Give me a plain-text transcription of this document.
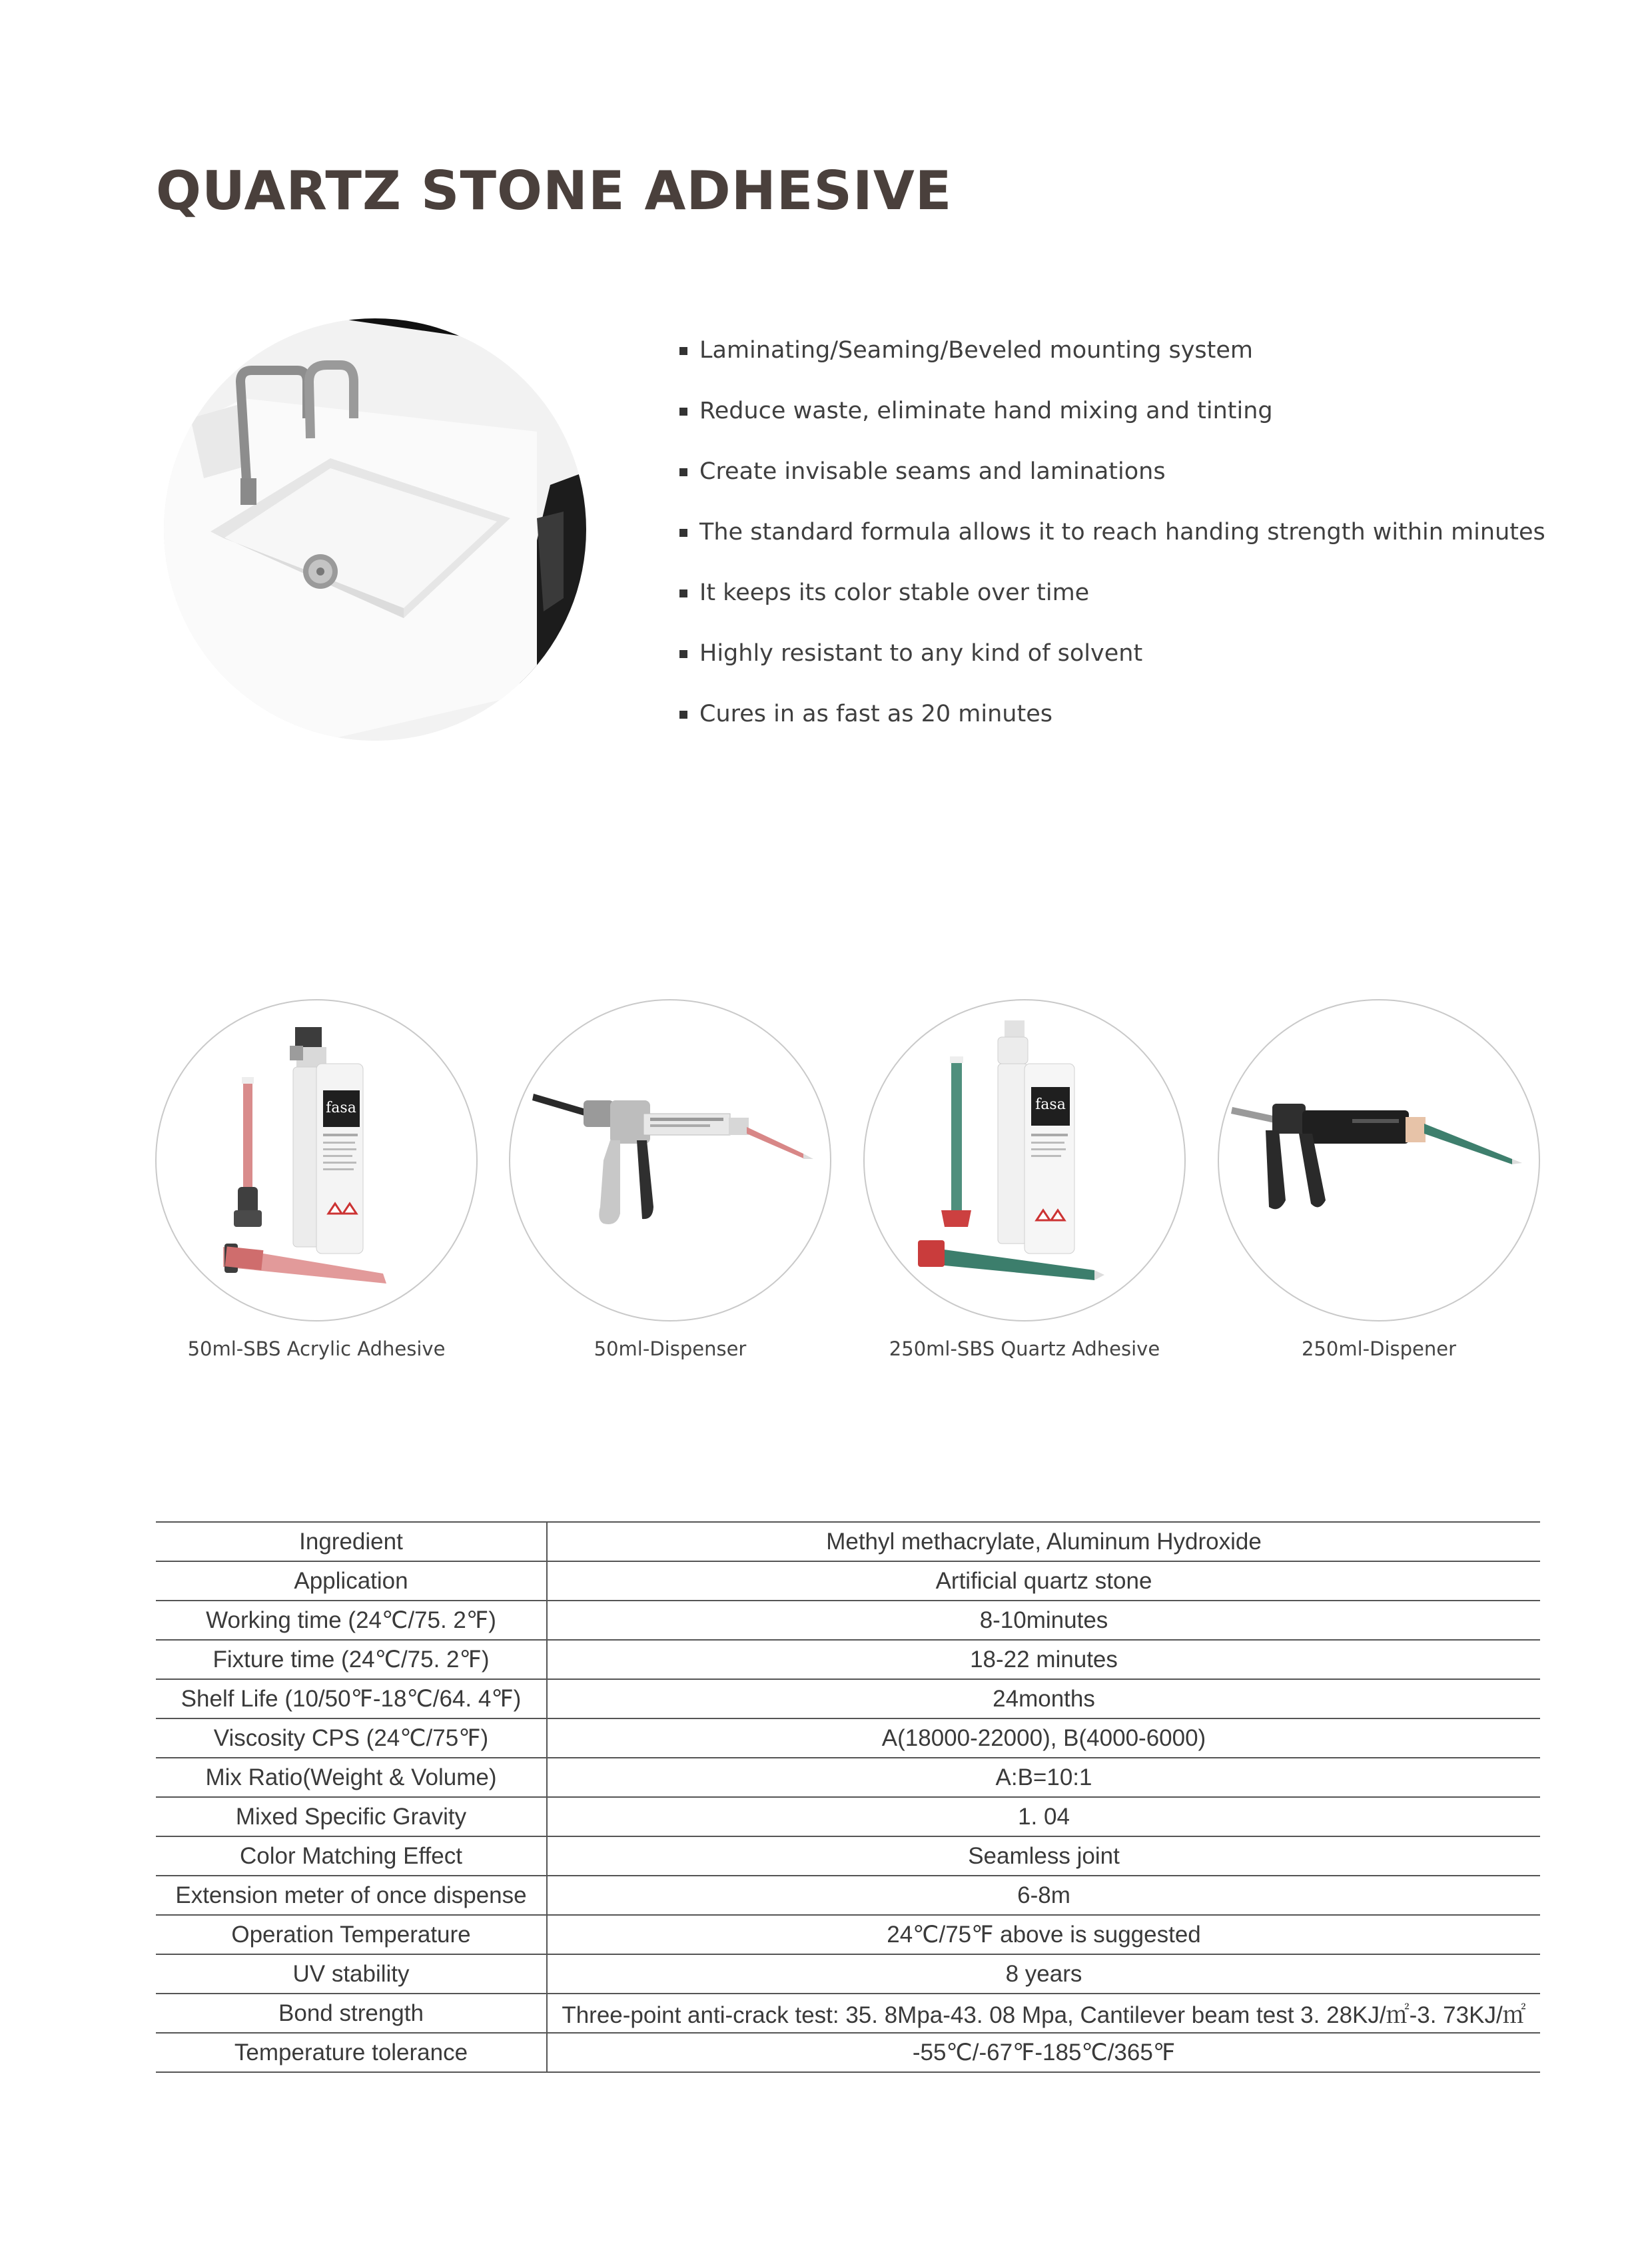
QUARTZ STONE ADHESIVE
Laminating/Seaming/Beveled mounting system
Reduce waste, eliminate hand mixing and tinting
Create invisable seams and laminations
The standard formula allows it to reach handing strength within minutes
It keeps its color stable over time
Highly resistant to any kind of solvent
Cures in as fast as 20 minutes
fasa
50ml-SBS Acrylic Adhesive	50ml-Dispenser
fasa
250ml-SBS Quartz Adhesive	250ml-Dispener
Ingredient	Methyl methacrylate, Aluminum Hydroxide
Application	Artificial quartz stone
Working time (24℃/75. 2℉)	8-10minutes
Fixture time (24℃/75. 2℉)	18-22 minutes
Shelf Life (10/50℉-18℃/64. 4℉)	24months
Viscosity CPS (24℃/75℉)	A(18000-22000), B(4000-6000)
Mix Ratio(Weight & Volume)	A:B=10:1
Mixed Specific Gravity	1. 04
Color Matching Effect	Seamless joint
Extension meter of once dispense	6-8m
Operation Temperature	24℃/75℉ above is suggested
UV stability	8 years
Bond strength	Three-point anti-crack test: 35. 8Mpa-43. 08 Mpa, Cantilever beam test 3. 28KJ/㎡-3. 73KJ/㎡
Temperature tolerance	-55℃/-67℉-185℃/365℉
